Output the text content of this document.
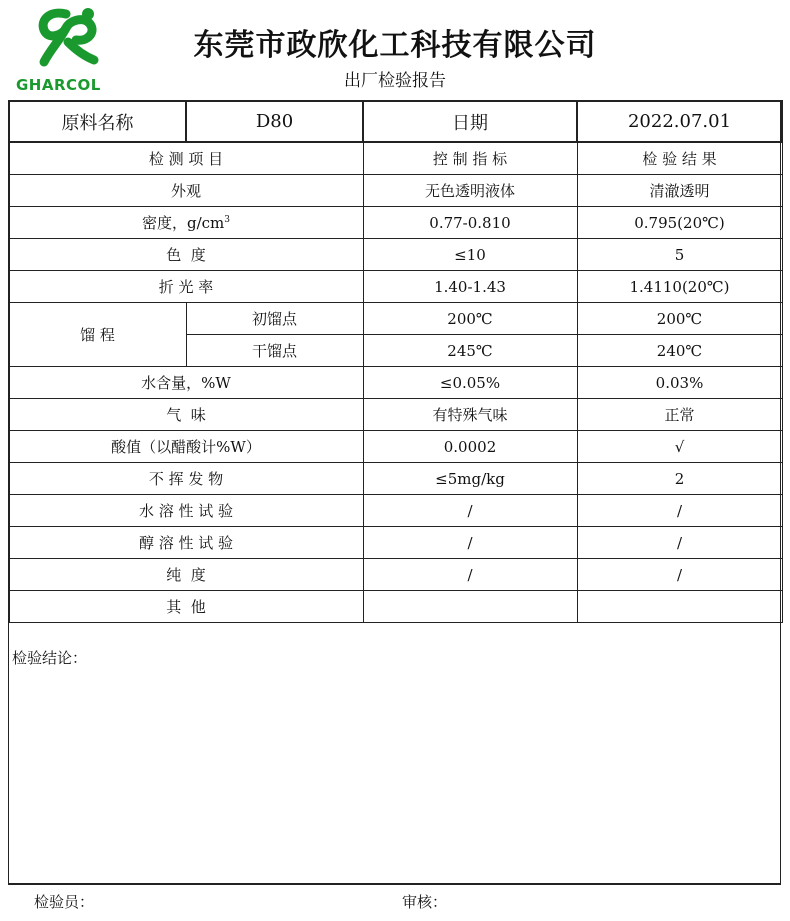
GHARCOL
东莞市政欣化工科技有限公司
出厂检验报告
原料名称	D80	日期	2022.07.01
检 测 项 目		控 制 指 标	检 验 结 果
外观		无色透明液体	清澈透明
密度，$g/cm^3$		0.77-0.810	0.795(20℃)
色  度		≤10	5
折 光 率		1.40-1.43	1.4110(20℃)
馏 程	初馏点	200℃	200℃
	干馏点	245℃	240℃
水含量，%W		≤0.05%	0.03%
气  味		有特殊气味	正常
酸值（以醋酸计%W）		0.0002	√
不 挥 发 物		≤5mg/kg	2
水 溶 性 试 验		/	/
醇 溶 性 试 验		/	/
纯  度		/	/
其  他			
检验结论：
检验员：	审核：
